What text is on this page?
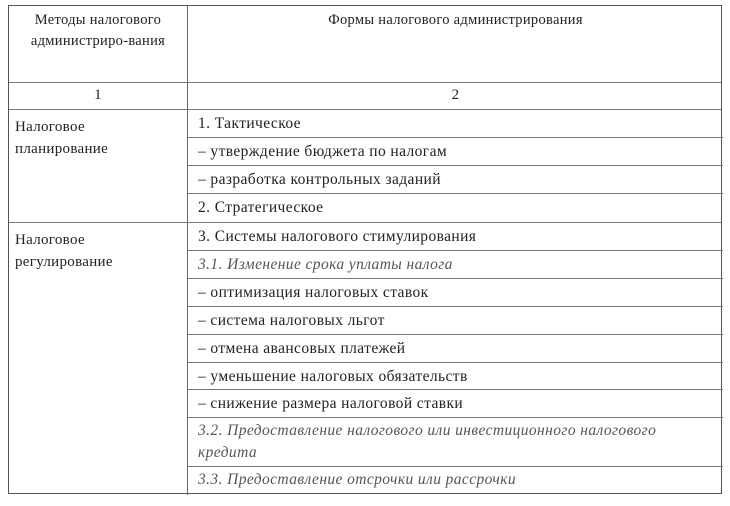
Методы налогового администриро-вания
Формы налогового администрирования
1	2
Налоговое планирование
1. Тактическое
– утверждение бюджета по налогам
– разработка контрольных заданий
2. Стратегическое
Налоговое регулирование
3. Системы налогового стимулирования
3.1. Изменение срока уплаты налога
– оптимизация налоговых ставок
– система налоговых льгот
– отмена авансовых платежей
– уменьшение налоговых обязательств
– снижение размера налоговой ставки
3.2. Предоставление налогового или инвестиционного налогового кредита
3.3. Предоставление отсрочки или рассрочки
